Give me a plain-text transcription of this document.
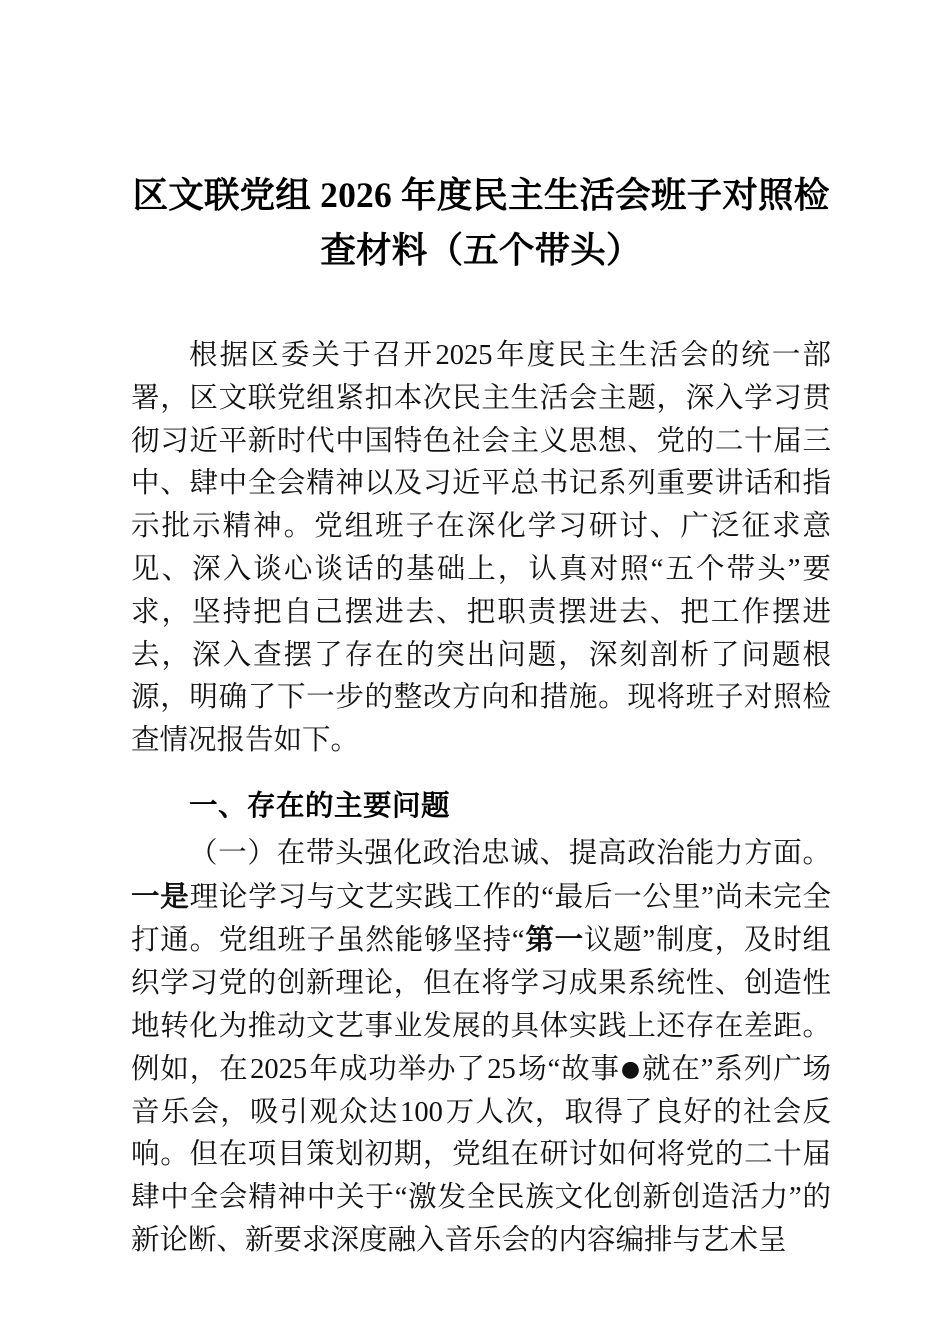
区文联党组 2026 年度民主生活会班子对照检
查材料（五个带头）

根据区委关于召开2025年度民主生活会的统一部署，区文联党组紧扣本次民主生活会主题，深入学习贯彻习近平新时代中国特色社会主义思想、党的二十届三中、肆中全会精神以及习近平总书记系列重要讲话和指示批示精神。党组班子在深化学习研讨、广泛征求意见、深入谈心谈话的基础上，认真对照“五个带头”要求，坚持把自己摆进去、把职责摆进去、把工作摆进去，深入查摆了存在的突出问题，深刻剖析了问题根源，明确了下一步的整改方向和措施。现将班子对照检查情况报告如下。

一、存在的主要问题

（一）在带头强化政治忠诚、提高政治能力方面。一是理论学习与文艺实践工作的“最后一公里”尚未完全打通。党组班子虽然能够坚持“第一议题”制度，及时组织学习党的创新理论，但在将学习成果系统性、创造性地转化为推动文艺事业发展的具体实践上还存在差距。例如，在2025年成功举办了25场“故事●就在”系列广场音乐会，吸引观众达100万人次，取得了良好的社会反响。但在项目策划初期，党组在研讨如何将党的二十届肆中全会精神中关于“激发全民族文化创新创造活力”的新论断、新要求深度融入音乐会的内容编排与艺术呈
